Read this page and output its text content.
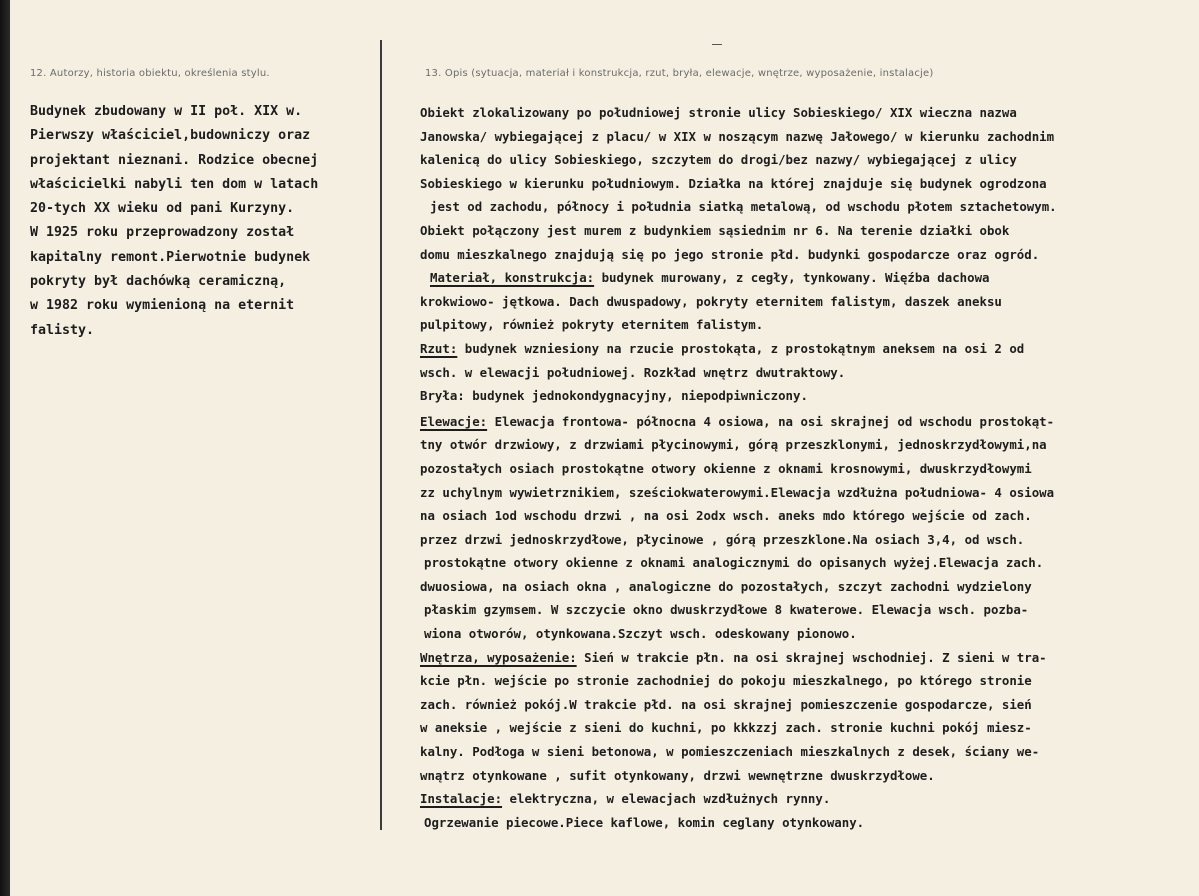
12. Autorzy, historia obiektu, określenia stylu.	13. Opis (sytuacja, materiał i konstrukcja, rzut, bryła, elewacje, wnętrze, wyposażenie, instalacje)
Budynek zbudowany w II poł. XIX w.
Pierwszy właściciel,budowniczy oraz
projektant nieznani. Rodzice obecnej
właścicielki nabyli ten dom w latach
20-tych XX wieku od pani Kurzyny.
W 1925 roku przeprowadzony został
kapitalny remont.Pierwotnie budynek
pokryty był dachówką ceramiczną,
w 1982 roku wymienioną na eternit
falisty.
Obiekt zlokalizowany po południowej stronie ulicy Sobieskiego/ XIX wieczna nazwa
Janowska/ wybiegającej z placu/ w XIX w noszącym nazwę Jałowego/ w kierunku zachodnim
kalenicą do ulicy Sobieskiego, szczytem do drogi/bez nazwy/ wybiegającej z ulicy
Sobieskiego w kierunku południowym. Działka na której znajduje się budynek ogrodzona
jest od zachodu, północy i południa siatką metalową, od wschodu płotem sztachetowym.
Obiekt połączony jest murem z budynkiem sąsiednim nr 6. Na terenie działki obok
domu mieszkalnego znajdują się po jego stronie płd. budynki gospodarcze oraz ogród.
Materiał, konstrukcja: budynek murowany, z cegły, tynkowany. Więźba dachowa
krokwiowo- jętkowa. Dach dwuspadowy, pokryty eternitem falistym, daszek aneksu
pulpitowy, również pokryty eternitem falistym.
Rzut: budynek wzniesiony na rzucie prostokąta, z prostokątnym aneksem na osi 2 od
wsch. w elewacji południowej. Rozkład wnętrz dwutraktowy.
Bryła: budynek jednokondygnacyjny, niepodpiwniczony.
Elewacje: Elewacja frontowa- północna 4 osiowa, na osi skrajnej od wschodu prostokąt-
tny otwór drzwiowy, z drzwiami płycinowymi, górą przeszklonymi, jednoskrzydłowymi,na
pozostałych osiach prostokątne otwory okienne z oknami krosnowymi, dwuskrzydłowymi
zz uchylnym wywietrznikiem, sześciokwaterowymi.Elewacja wzdłużna południowa- 4 osiowa
na osiach 1od wschodu drzwi , na osi 2odx wsch. aneks mdo którego wejście od zach.
przez drzwi jednoskrzydłowe, płycinowe , górą przeszklone.Na osiach 3,4, od wsch.
prostokątne otwory okienne z oknami analogicznymi do opisanych wyżej.Elewacja zach.
dwuosiowa, na osiach okna , analogiczne do pozostałych, szczyt zachodni wydzielony
płaskim gzymsem. W szczycie okno dwuskrzydłowe 8 kwaterowe. Elewacja wsch. pozba-
wiona otworów, otynkowana.Szczyt wsch. odeskowany pionowo.
Wnętrza, wyposażenie: Sień w trakcie płn. na osi skrajnej wschodniej. Z sieni w tra-
kcie płn. wejście po stronie zachodniej do pokoju mieszkalnego, po którego stronie
zach. również pokój.W trakcie płd. na osi skrajnej pomieszczenie gospodarcze, sień
w aneksie , wejście z sieni do kuchni, po kkkzzj zach. stronie kuchni pokój miesz-
kalny. Podłoga w sieni betonowa, w pomieszczeniach mieszkalnych z desek, ściany we-
wnątrz otynkowane , sufit otynkowany, drzwi wewnętrzne dwuskrzydłowe.
Instalacje: elektryczna, w elewacjach wzdłużnych rynny.
Ogrzewanie piecowe.Piece kaflowe, komin ceglany otynkowany.
